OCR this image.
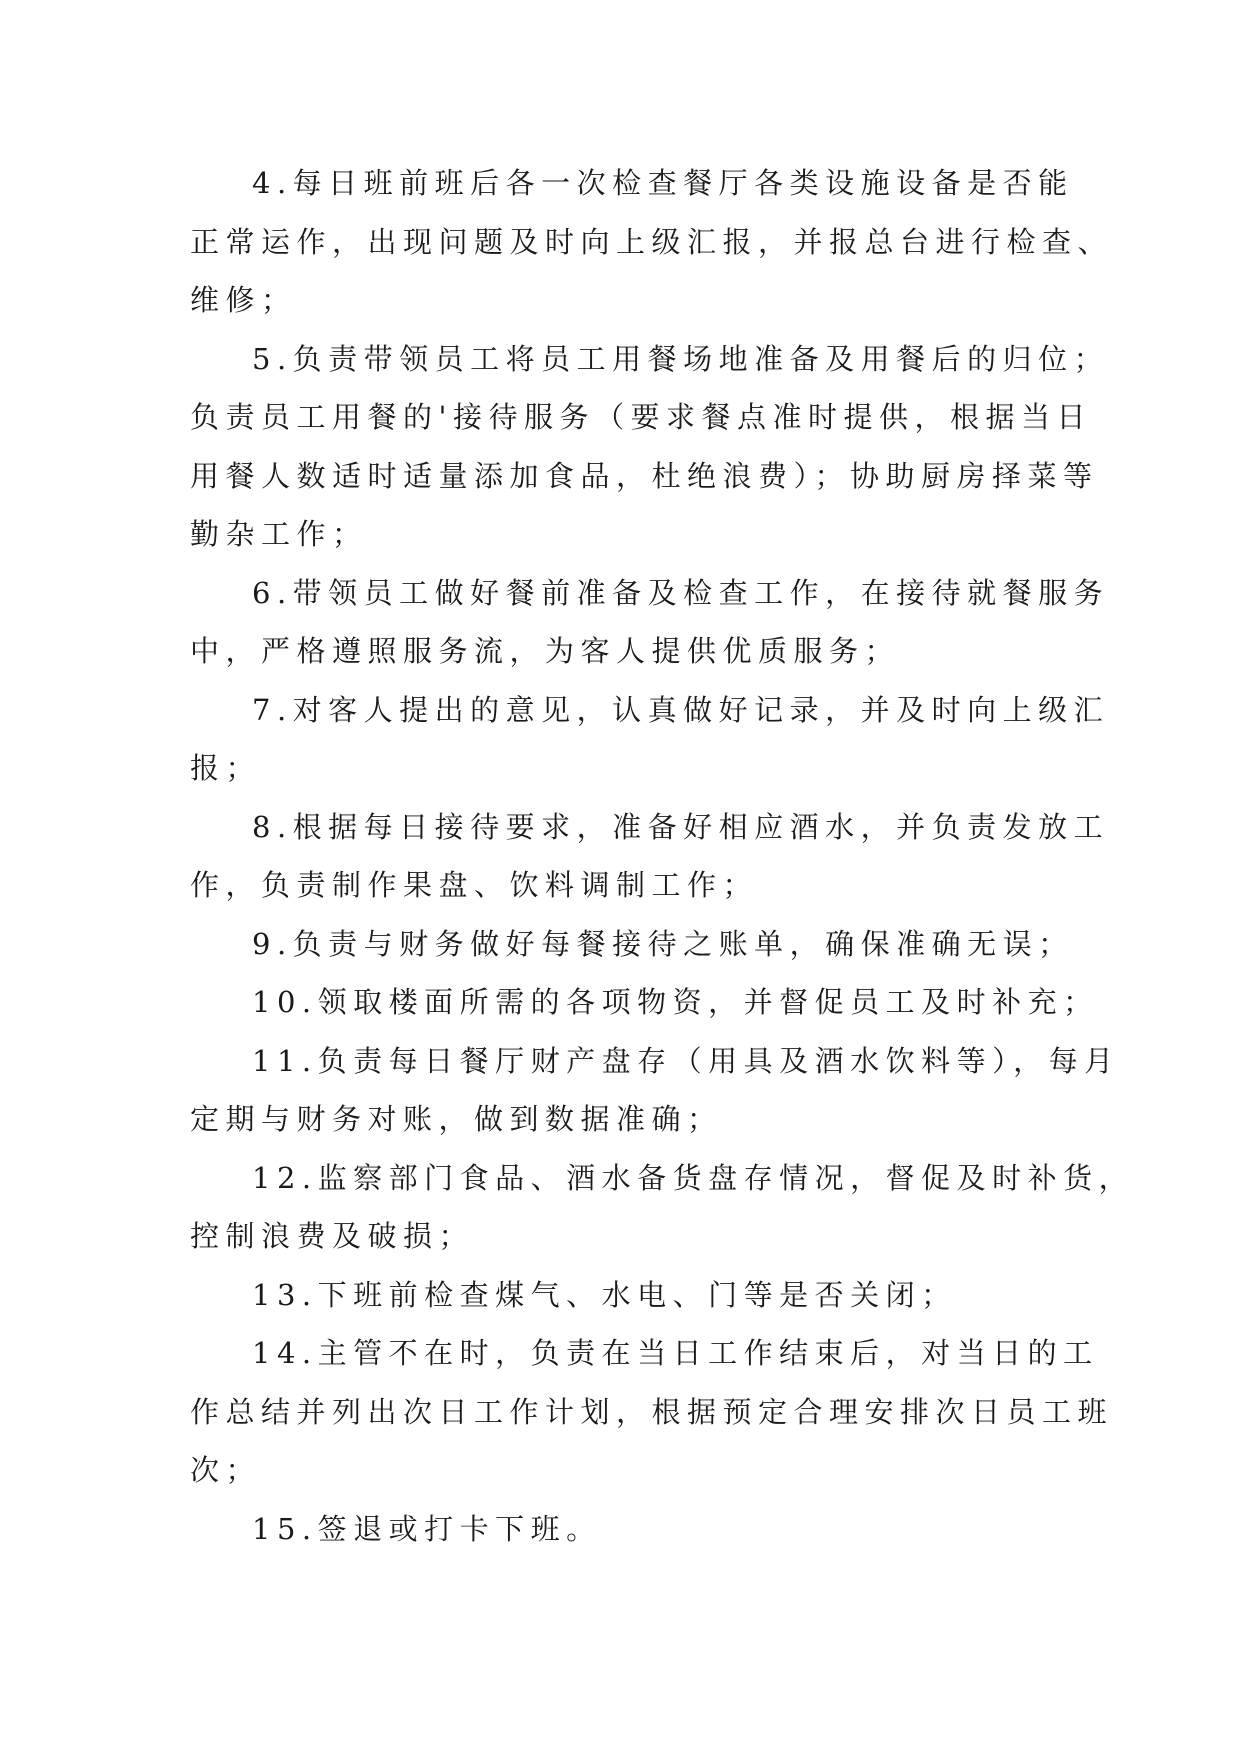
4.每日班前班后各一次检查餐厅各类设施设备是否能
正常运作，出现问题及时向上级汇报，并报总台进行检查、
维修；

5.负责带领员工将员工用餐场地准备及用餐后的归位；
负责员工用餐的'接待服务（要求餐点准时提供，根据当日
用餐人数适时适量添加食品，杜绝浪费）；协助厨房择菜等
勤杂工作；

6.带领员工做好餐前准备及检查工作，在接待就餐服务
中，严格遵照服务流，为客人提供优质服务；

7.对客人提出的意见，认真做好记录，并及时向上级汇
报；

8.根据每日接待要求，准备好相应酒水，并负责发放工
作，负责制作果盘、饮料调制工作；

9.负责与财务做好每餐接待之账单，确保准确无误；

10.领取楼面所需的各项物资，并督促员工及时补充；

11.负责每日餐厅财产盘存（用具及酒水饮料等），每月
定期与财务对账，做到数据准确；

12.监察部门食品、酒水备货盘存情况，督促及时补货，
控制浪费及破损；

13.下班前检查煤气、水电、门等是否关闭；

14.主管不在时，负责在当日工作结束后，对当日的工
作总结并列出次日工作计划，根据预定合理安排次日员工班
次；

15.签退或打卡下班。
